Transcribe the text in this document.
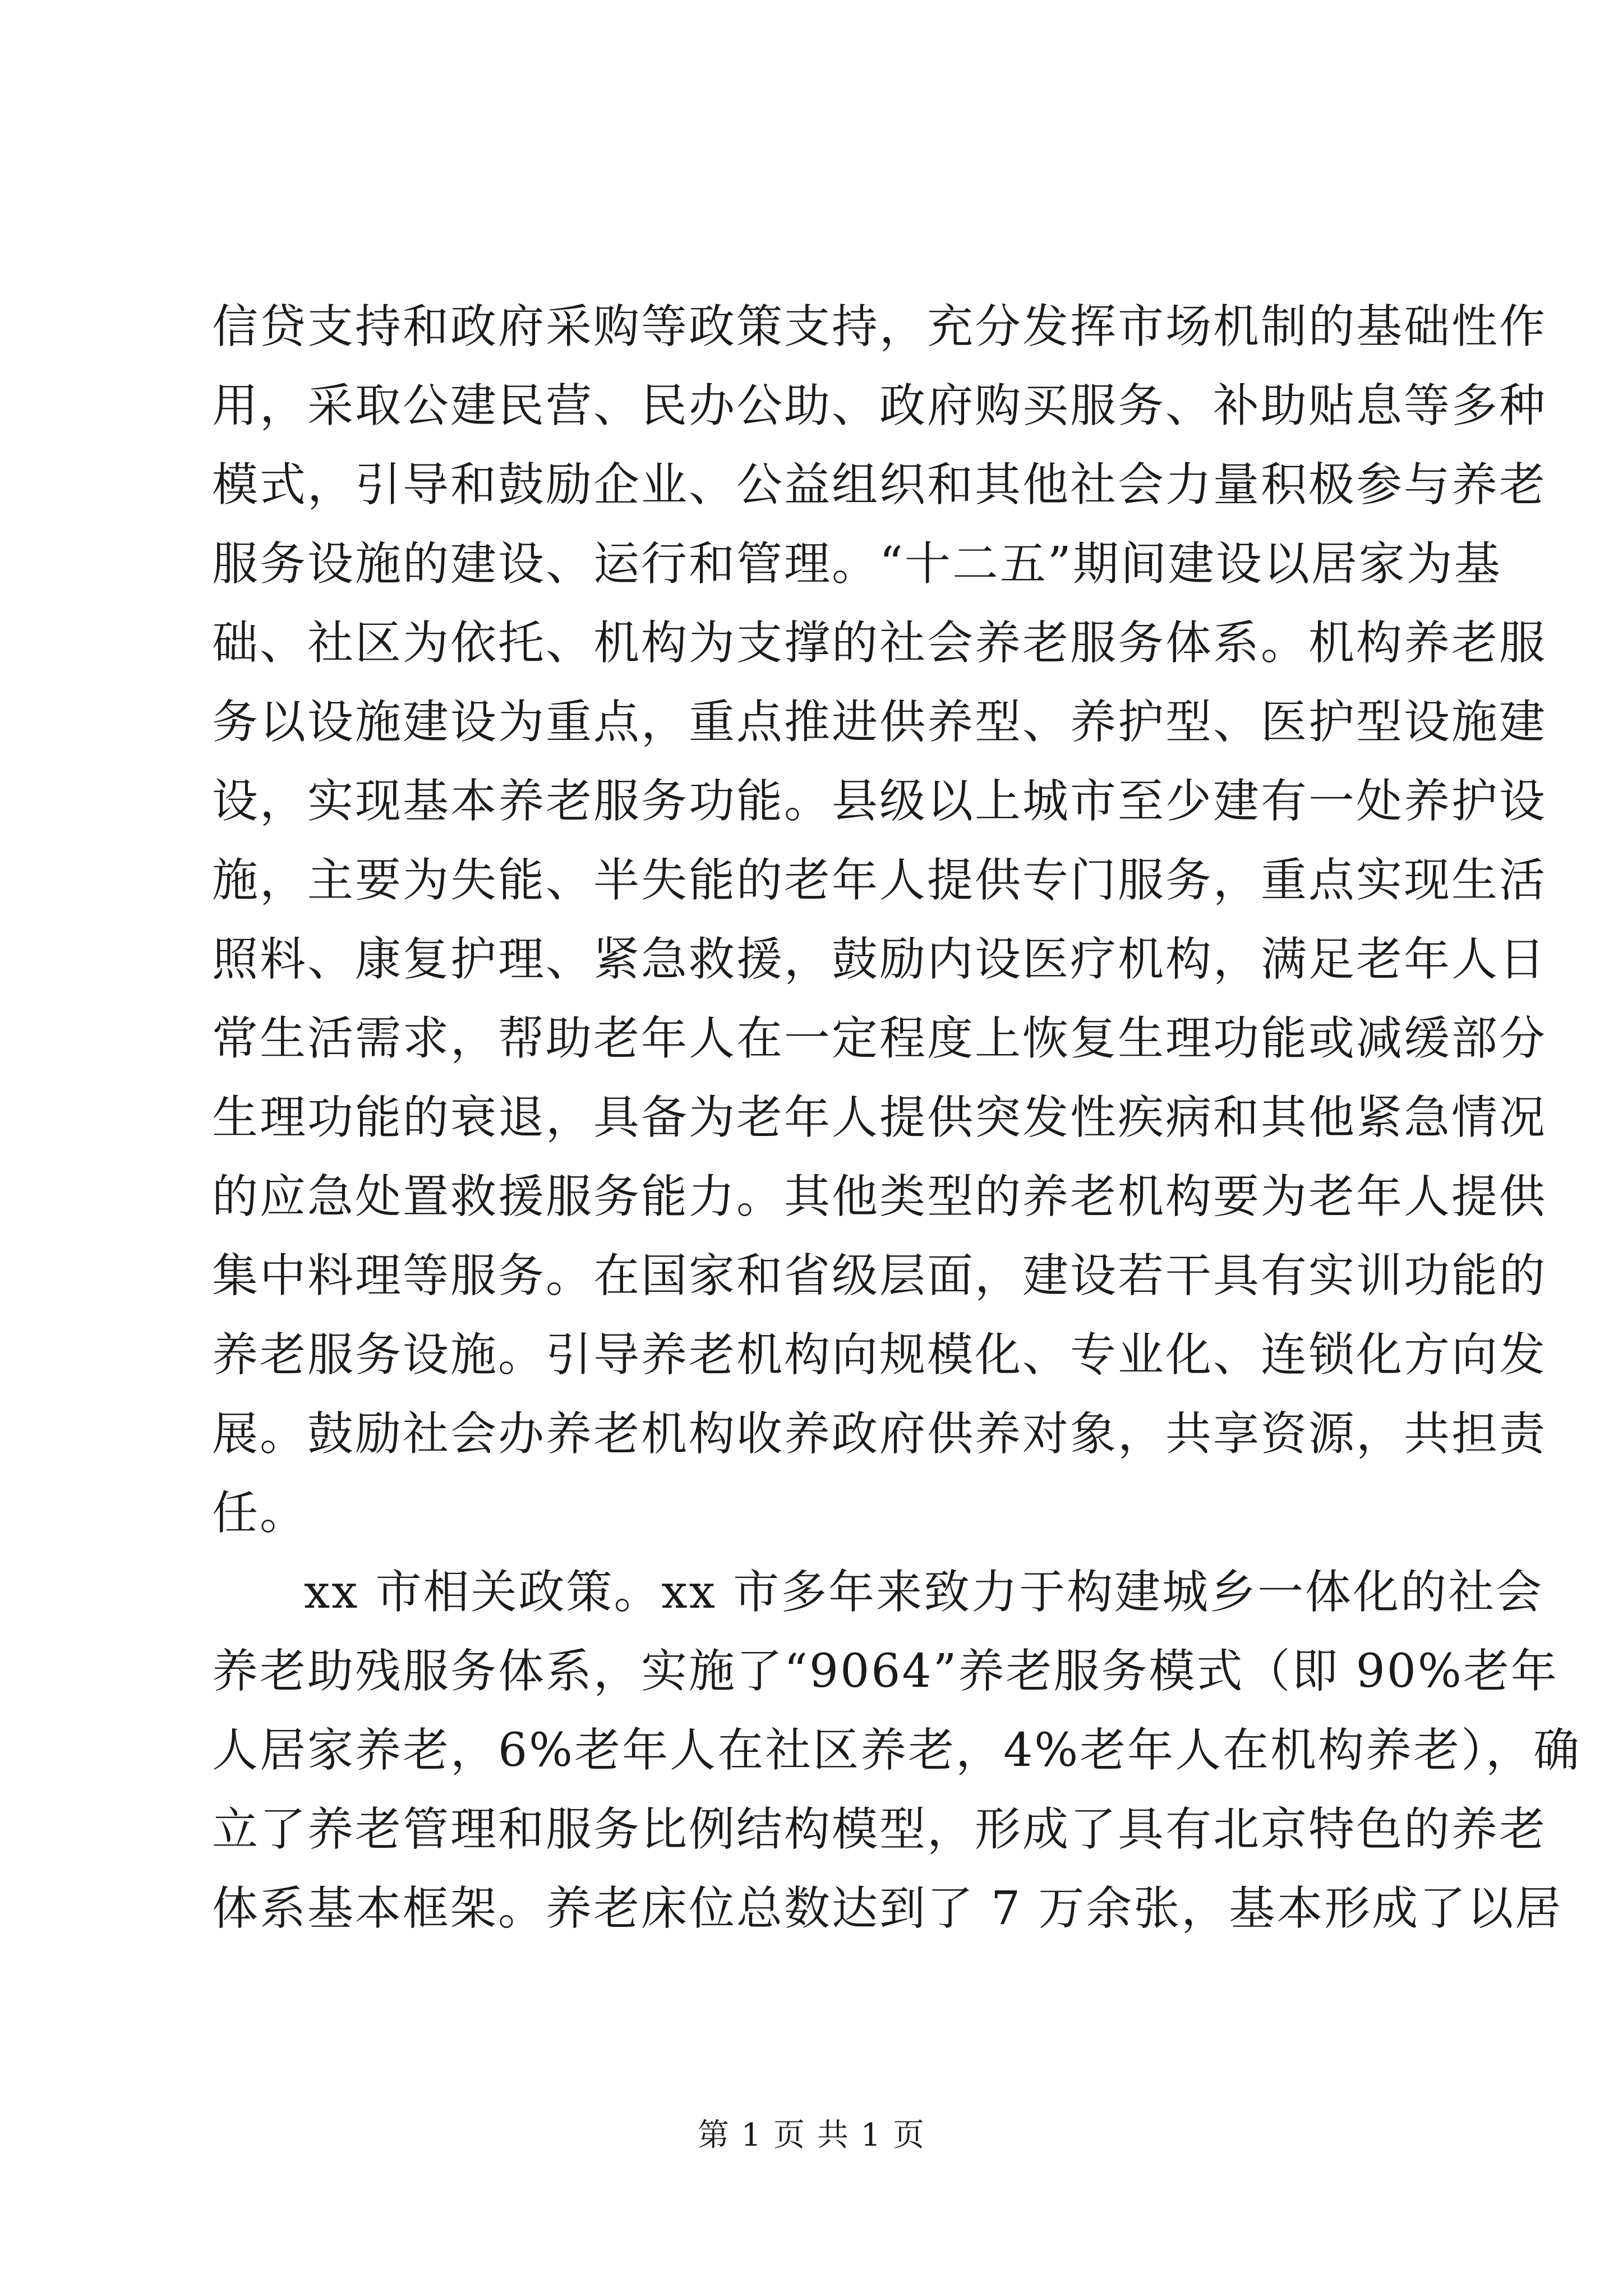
信贷支持和政府采购等政策支持，充分发挥市场机制的基础性作
用，采取公建民营、民办公助、政府购买服务、补助贴息等多种
模式，引导和鼓励企业、公益组织和其他社会力量积极参与养老
服务设施的建设、运行和管理。“十二五”期间建设以居家为基
础、社区为依托、机构为支撑的社会养老服务体系。机构养老服
务以设施建设为重点，重点推进供养型、养护型、医护型设施建
设，实现基本养老服务功能。县级以上城市至少建有一处养护设
施，主要为失能、半失能的老年人提供专门服务，重点实现生活
照料、康复护理、紧急救援，鼓励内设医疗机构，满足老年人日
常生活需求，帮助老年人在一定程度上恢复生理功能或减缓部分
生理功能的衰退，具备为老年人提供突发性疾病和其他紧急情况
的应急处置救援服务能力。其他类型的养老机构要为老年人提供
集中料理等服务。在国家和省级层面，建设若干具有实训功能的
养老服务设施。引导养老机构向规模化、专业化、连锁化方向发
展。鼓励社会办养老机构收养政府供养对象，共享资源，共担责
任。
xx 市相关政策。xx 市多年来致力于构建城乡一体化的社会
养老助残服务体系，实施了“9064”养老服务模式（即 90%老年
人居家养老，6%老年人在社区养老，4%老年人在机构养老），确
立了养老管理和服务比例结构模型，形成了具有北京特色的养老
体系基本框架。养老床位总数达到了 7 万余张，基本形成了以居
第 1 页 共 1 页
